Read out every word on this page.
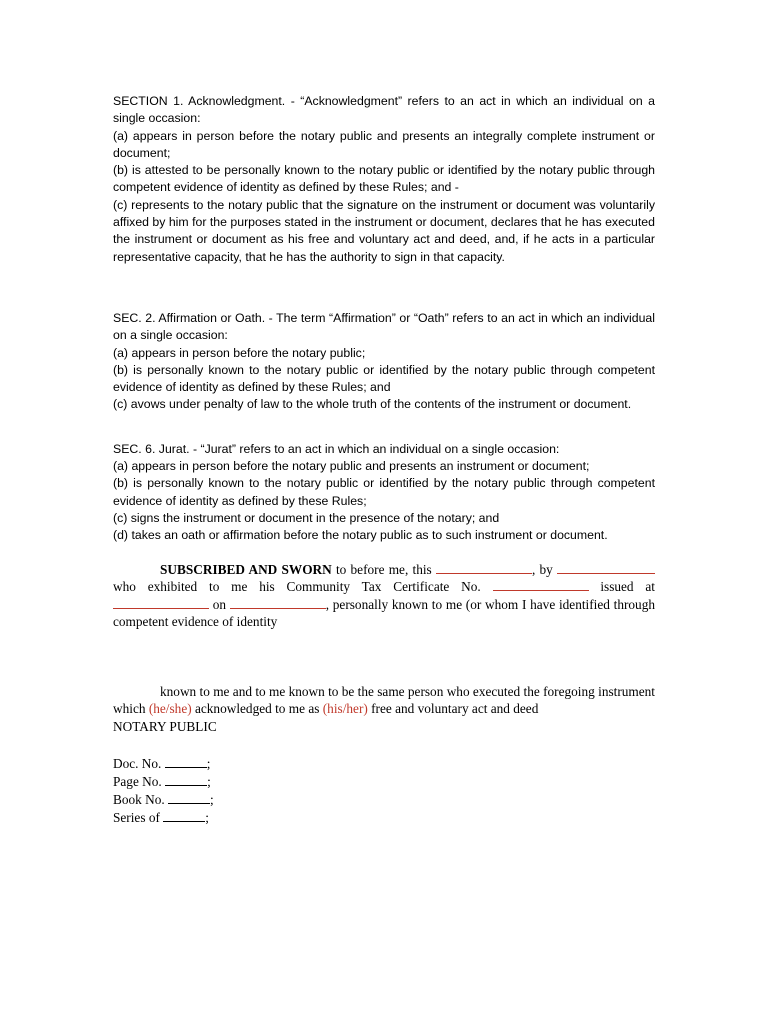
SECTION 1. Acknowledgment. - “Acknowledgment” refers to an act in which an individual on a single occasion:

(a) appears in person before the notary public and presents an integrally complete instrument or document;

(b) is attested to be personally known to the notary public or identified by the notary public through competent evidence of identity as defined by these Rules; and -

(c) represents to the notary public that the signature on the instrument or document was voluntarily affixed by him for the purposes stated in the instrument or document, declares that he has executed the instrument or document as his free and voluntary act and deed, and, if he acts in a particular representative capacity, that he has the authority to sign in that capacity.

SEC. 2. Affirmation or Oath. - The term “Affirmation” or “Oath” refers to an act in which an individual on a single occasion:

(a) appears in person before the notary public;

(b) is personally known to the notary public or identified by the notary public through competent evidence of identity as defined by these Rules; and

(c) avows under penalty of law to the whole truth of the contents of the instrument or document.

SEC. 6. Jurat. - “Jurat” refers to an act in which an individual on a single occasion:

(a) appears in person before the notary public and presents an instrument or document;

(b) is personally known to the notary public or identified by the notary public through competent evidence of identity as defined by these Rules;

(c) signs the instrument or document in the presence of the notary; and

(d) takes an oath or affirmation before the notary public as to such instrument or document.

SUBSCRIBED AND SWORN to before me, this	, by  who exhibited to me his Community Tax Certificate No.	issued at  on	, personally known to me (or whom I have identified through competent evidence of identity

known to me and to me known to be the same person who executed the foregoing instrument which (he/she) acknowledged to me as (his/her) free and voluntary act and deed

NOTARY PUBLIC

Doc. No.	;
Page No.	;
Book No.	;
Series of	;
